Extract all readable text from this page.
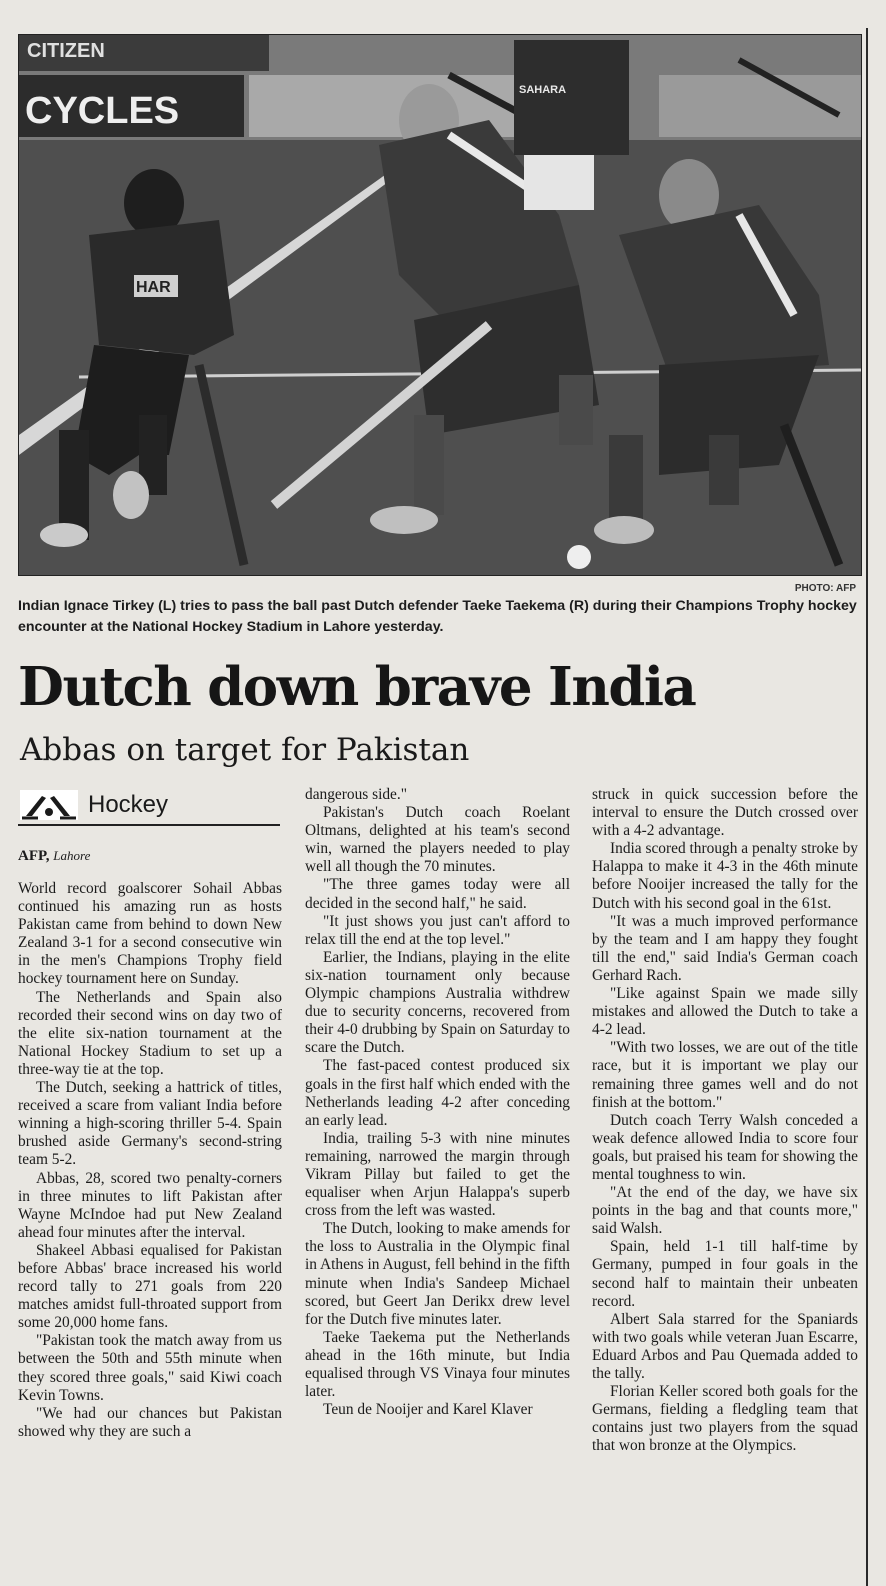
CITIZEN
CYCLES
HAR
SAHARA
PHOTO: AFP
Indian Ignace Tirkey (L) tries to pass the ball past Dutch defender Taeke Taekema (R) during their Champions Trophy hockey encounter at the National Hockey Stadium in Lahore yesterday.
Dutch down brave India
Abbas on target for Pakistan
Hockey
AFP, Lahore

World record goalscorer Sohail Abbas continued his amazing run as hosts Pakistan came from behind to down New Zealand 3-1 for a second consecutive win in the men's Champions Trophy field hockey tournament here on Sunday.

The Netherlands and Spain also recorded their second wins on day two of the elite six-nation tournament at the National Hockey Stadium to set up a three-way tie at the top.

The Dutch, seeking a hattrick of titles, received a scare from valiant India before winning a high-scoring thriller 5-4. Spain brushed aside Germany's second-string team 5-2.

Abbas, 28, scored two penalty-corners in three minutes to lift Pakistan after Wayne McIndoe had put New Zealand ahead four minutes after the interval.

Shakeel Abbasi equalised for Pakistan before Abbas' brace increased his world record tally to 271 goals from 220 matches amidst full-throated support from some 20,000 home fans.

"Pakistan took the match away from us between the 50th and 55th minute when they scored three goals," said Kiwi coach Kevin Towns.

"We had our chances but Pakistan showed why they are such a

dangerous side."

Pakistan's Dutch coach Roelant Oltmans, delighted at his team's second win, warned the players needed to play well all though the 70 minutes.

"The three games today were all decided in the second half," he said.

"It just shows you just can't afford to relax till the end at the top level."

Earlier, the Indians, playing in the elite six-nation tournament only because Olympic champions Australia withdrew due to security concerns, recovered from their 4-0 drubbing by Spain on Saturday to scare the Dutch.

The fast-paced contest produced six goals in the first half which ended with the Netherlands leading 4-2 after conceding an early lead.

India, trailing 5-3 with nine minutes remaining, narrowed the margin through Vikram Pillay but failed to get the equaliser when Arjun Halappa's superb cross from the left was wasted.

The Dutch, looking to make amends for the loss to Australia in the Olympic final in Athens in August, fell behind in the fifth minute when India's Sandeep Michael scored, but Geert Jan Derikx drew level for the Dutch five minutes later.

Taeke Taekema put the Netherlands ahead in the 16th minute, but India equalised through VS Vinaya four minutes later.

Teun de Nooijer and Karel Klaver

struck in quick succession before the interval to ensure the Dutch crossed over with a 4-2 advantage.

India scored through a penalty stroke by Halappa to make it 4-3 in the 46th minute before Nooijer increased the tally for the Dutch with his second goal in the 61st.

"It was a much improved performance by the team and I am happy they fought till the end," said India's German coach Gerhard Rach.

"Like against Spain we made silly mistakes and allowed the Dutch to take a 4-2 lead.

"With two losses, we are out of the title race, but it is important we play our remaining three games well and do not finish at the bottom."

Dutch coach Terry Walsh conceded a weak defence allowed India to score four goals, but praised his team for showing the mental toughness to win.

"At the end of the day, we have six points in the bag and that counts more," said Walsh.

Spain, held 1-1 till half-time by Germany, pumped in four goals in the second half to maintain their unbeaten record.

Albert Sala starred for the Spaniards with two goals while veteran Juan Escarre, Eduard Arbos and Pau Quemada added to the tally.

Florian Keller scored both goals for the Germans, fielding a fledgling team that contains just two players from the squad that won bronze at the Olympics.
